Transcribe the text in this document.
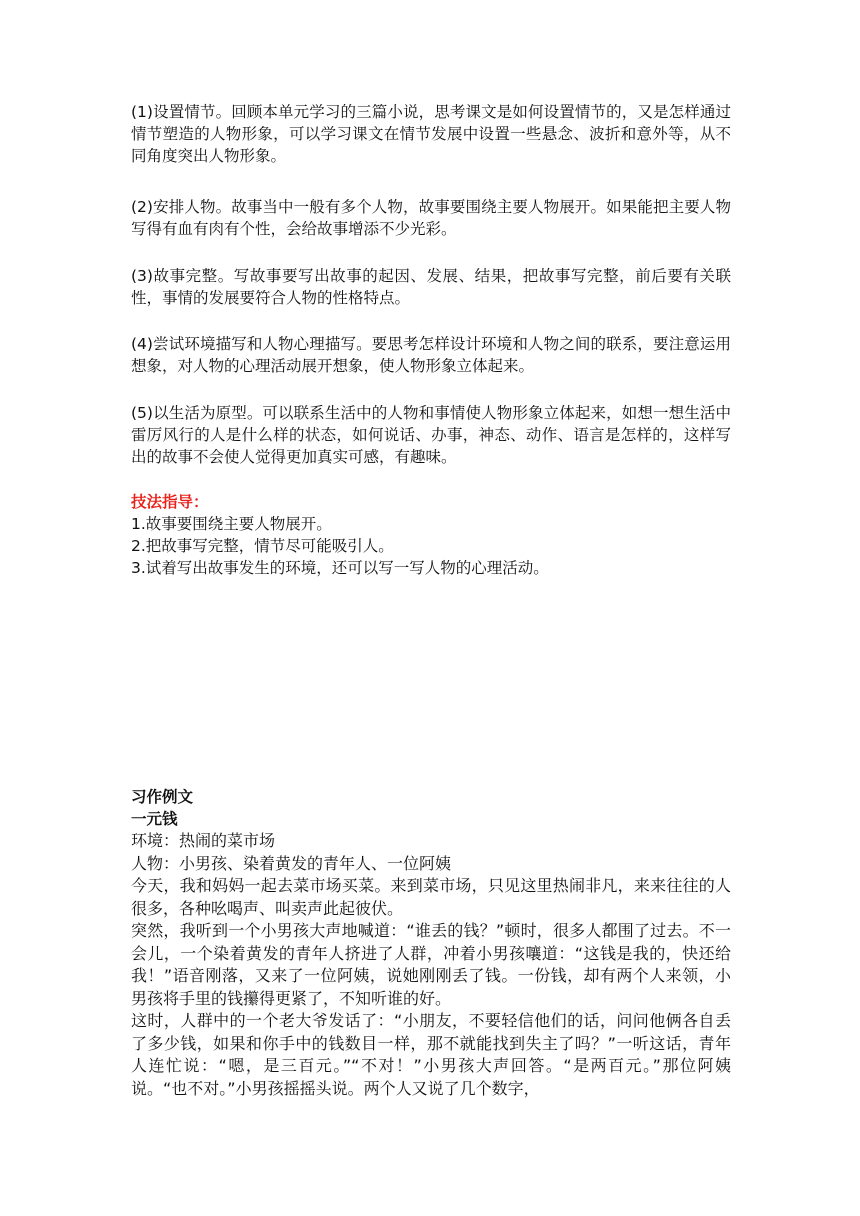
(1)设置情节。回顾本单元学习的三篇小说，思考课文是如何设置情节的，又是怎样通过情节塑造的人物形象，可以学习课文在情节发展中设置一些悬念、波折和意外等，从不同角度突出人物形象。

(2)安排人物。故事当中一般有多个人物，故事要围绕主要人物展开。如果能把主要人物写得有血有肉有个性，会给故事增添不少光彩。

(3)故事完整。写故事要写出故事的起因、发展、结果，把故事写完整，前后要有关联性，事情的发展要符合人物的性格特点。

(4)尝试环境描写和人物心理描写。要思考怎样设计环境和人物之间的联系，要注意运用想象，对人物的心理活动展开想象，使人物形象立体起来。

(5)以生活为原型。可以联系生活中的人物和事情使人物形象立体起来，如想一想生活中雷厉风行的人是什么样的状态，如何说话、办事，神态、动作、语言是怎样的，这样写出的故事不会使人觉得更加真实可感，有趣味。

技法指导：

1.故事要围绕主要人物展开。
2.把故事写完整，情节尽可能吸引人。
3.试着写出故事发生的环境，还可以写一写人物的心理活动。

习作例文

一元钱

环境：热闹的菜市场

人物：小男孩、染着黄发的青年人、一位阿姨

今天，我和妈妈一起去菜市场买菜。来到菜市场，只见这里热闹非凡，来来往往的人很多，各种吆喝声、叫卖声此起彼伏。

突然，我听到一个小男孩大声地喊道：“谁丢的钱？”顿时，很多人都围了过去。不一会儿，一个染着黄发的青年人挤进了人群，冲着小男孩嚷道：“这钱是我的，快还给我！”语音刚落，又来了一位阿姨，说她刚刚丢了钱。一份钱，却有两个人来领，小男孩将手里的钱攥得更紧了，不知听谁的好。

这时，人群中的一个老大爷发话了：“小朋友，不要轻信他们的话，问问他俩各自丢了多少钱，如果和你手中的钱数目一样，那不就能找到失主了吗？”一听这话，青年人连忙说：“嗯，是三百元。”“不对！”小男孩大声回答。“是两百元。”那位阿姨说。“也不对。”小男孩摇摇头说。两个人又说了几个数字，
